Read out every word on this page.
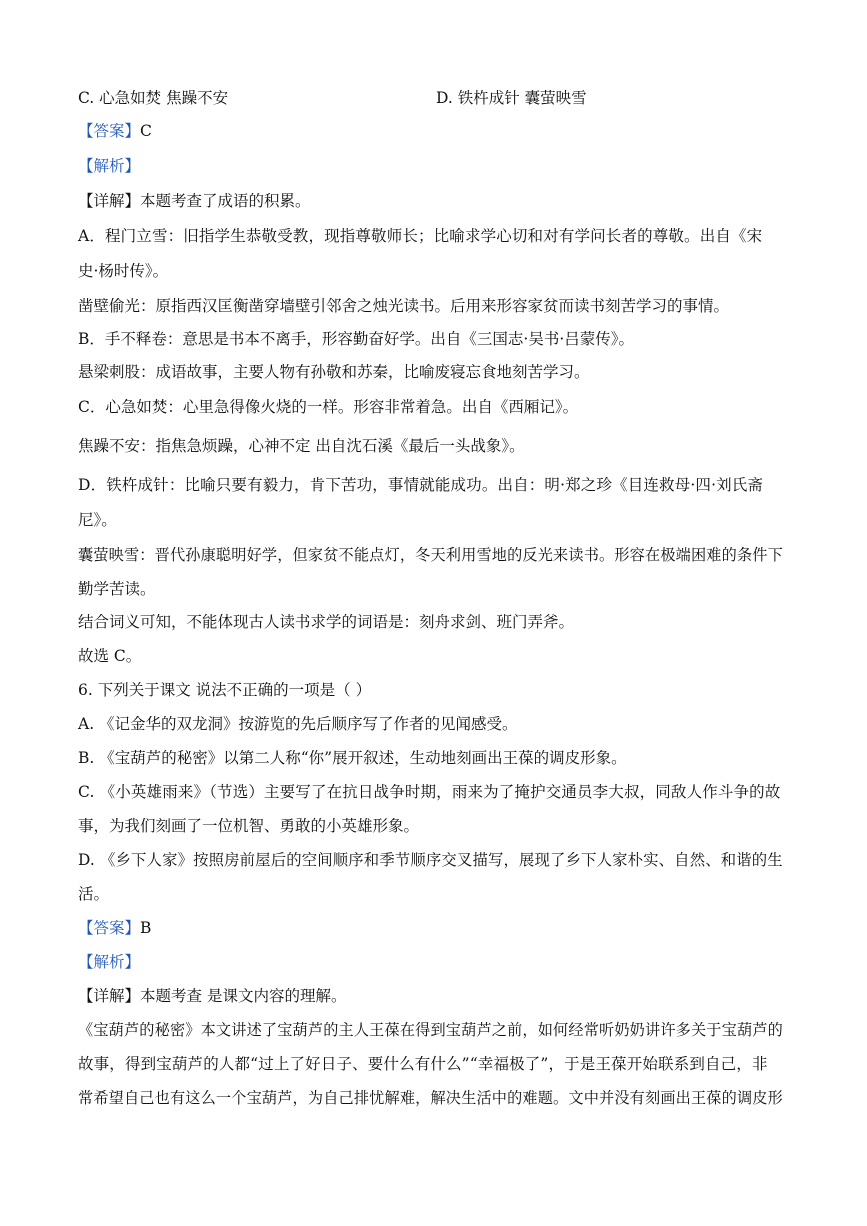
C. 心急如焚 焦躁不安	D. 铁杵成针 囊萤映雪
【答案】C
【解析】
【详解】本题考查了成语的积累。
A．程门立雪：旧指学生恭敬受教，现指尊敬师长；比喻求学心切和对有学问长者的尊敬。出自《宋
史·杨时传》。
凿壁偷光：原指西汉匡衡凿穿墙壁引邻舍之烛光读书。后用来形容家贫而读书刻苦学习的事情。
B．手不释卷：意思是书本不离手，形容勤奋好学。出自《三国志·吴书·吕蒙传》。
悬梁刺股：成语故事，主要人物有孙敬和苏秦，比喻废寝忘食地刻苦学习。
C．心急如焚：心里急得像火烧的一样。形容非常着急。出自《西厢记》。
焦躁不安：指焦急烦躁，心神不定 出自沈石溪《最后一头战象》。
D．铁杵成针：比喻只要有毅力，肯下苦功，事情就能成功。出自：明·郑之珍《目连救母·四·刘氏斋
尼》。
囊萤映雪：晋代孙康聪明好学，但家贫不能点灯，冬天利用雪地的反光来读书。形容在极端困难的条件下
勤学苦读。
结合词义可知，不能体现古人读书求学的词语是：刻舟求剑、班门弄斧。
故选 C。
6. 下列关于课文 说法不正确的一项是（ ）
A. 《记金华的双龙洞》按游览的先后顺序写了作者的见闻感受。
B. 《宝葫芦的秘密》以第二人称“你”展开叙述，生动地刻画出王葆的调皮形象。
C. 《小英雄雨来》（节选）主要写了在抗日战争时期，雨来为了掩护交通员李大叔，同敌人作斗争的故
事，为我们刻画了一位机智、勇敢的小英雄形象。
D. 《乡下人家》按照房前屋后的空间顺序和季节顺序交叉描写，展现了乡下人家朴实、自然、和谐的生
活。
【答案】B
【解析】
【详解】本题考查 是课文内容的理解。
《宝葫芦的秘密》本文讲述了宝葫芦的主人王葆在得到宝葫芦之前，如何经常听奶奶讲许多关于宝葫芦的
故事，得到宝葫芦的人都“过上了好日子、要什么有什么”“幸福极了”，于是王葆开始联系到自己，非
常希望自己也有这么一个宝葫芦，为自己排忧解难，解决生活中的难题。文中并没有刻画出王葆的调皮形
